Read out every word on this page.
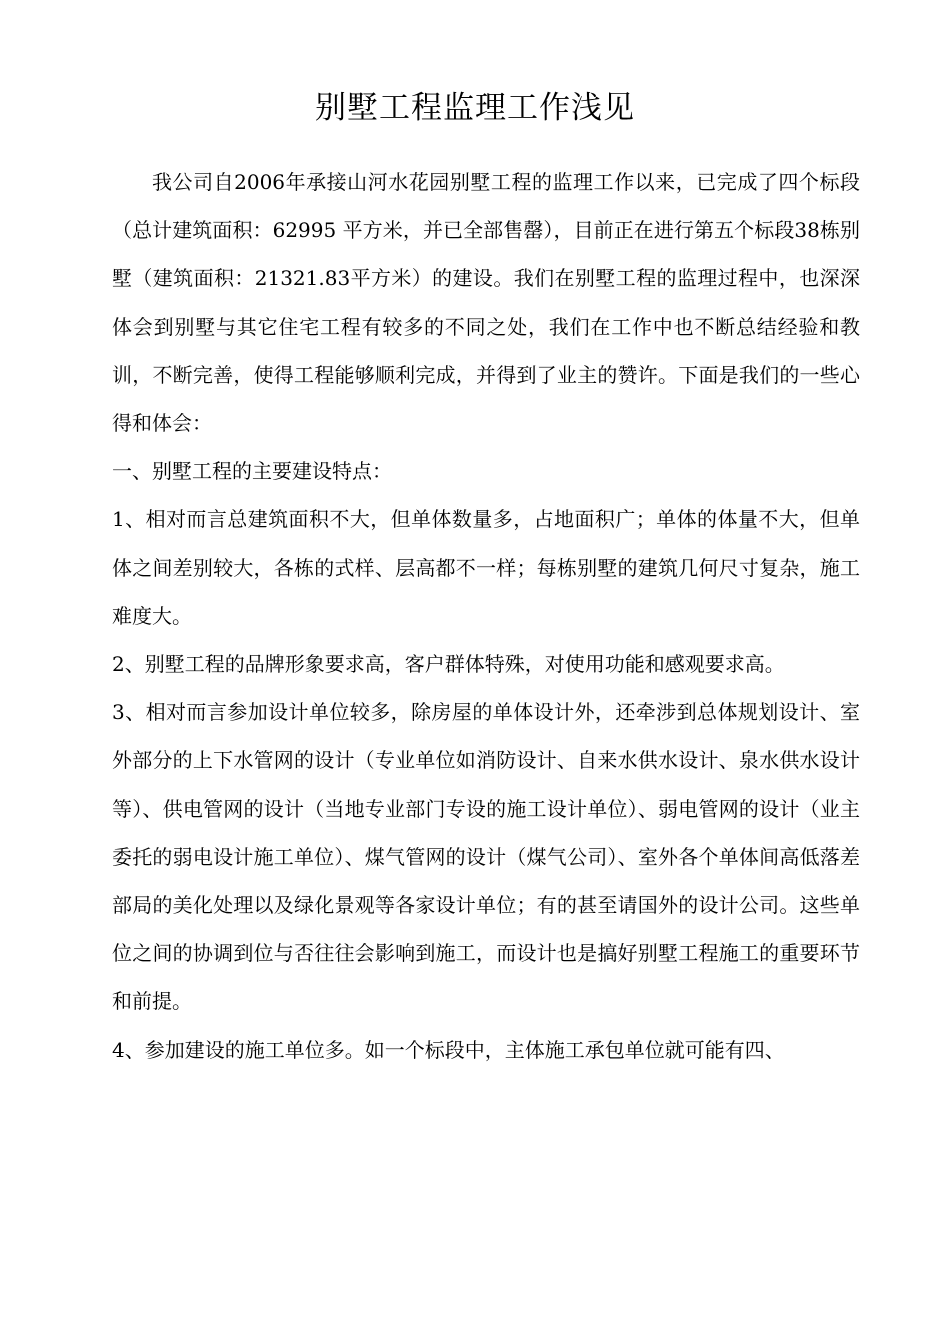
别墅工程监理工作浅见

我公司自2006年承接山河水花园别墅工程的监理工作以来，已完成了四个标段（总计建筑面积：62995 平方米，并已全部售罄），目前正在进行第五个标段38栋别墅（建筑面积：21321.83平方米）的建设。我们在别墅工程的监理过程中，也深深体会到别墅与其它住宅工程有较多的不同之处，我们在工作中也不断总结经验和教训，不断完善，使得工程能够顺利完成，并得到了业主的赞许。下面是我们的一些心得和体会：

一、别墅工程的主要建设特点：

1、相对而言总建筑面积不大，但单体数量多，占地面积广；单体的体量不大，但单体之间差别较大，各栋的式样、层高都不一样；每栋别墅的建筑几何尺寸复杂，施工难度大。

2、别墅工程的品牌形象要求高，客户群体特殊，对使用功能和感观要求高。

3、相对而言参加设计单位较多，除房屋的单体设计外，还牵涉到总体规划设计、室外部分的上下水管网的设计（专业单位如消防设计、自来水供水设计、泉水供水设计等）、供电管网的设计（当地专业部门专设的施工设计单位）、弱电管网的设计（业主委托的弱电设计施工单位）、煤气管网的设计（煤气公司）、室外各个单体间高低落差部局的美化处理以及绿化景观等各家设计单位；有的甚至请国外的设计公司。这些单位之间的协调到位与否往往会影响到施工，而设计也是搞好别墅工程施工的重要环节和前提。

4、参加建设的施工单位多。如一个标段中，主体施工承包单位就可能有四、
